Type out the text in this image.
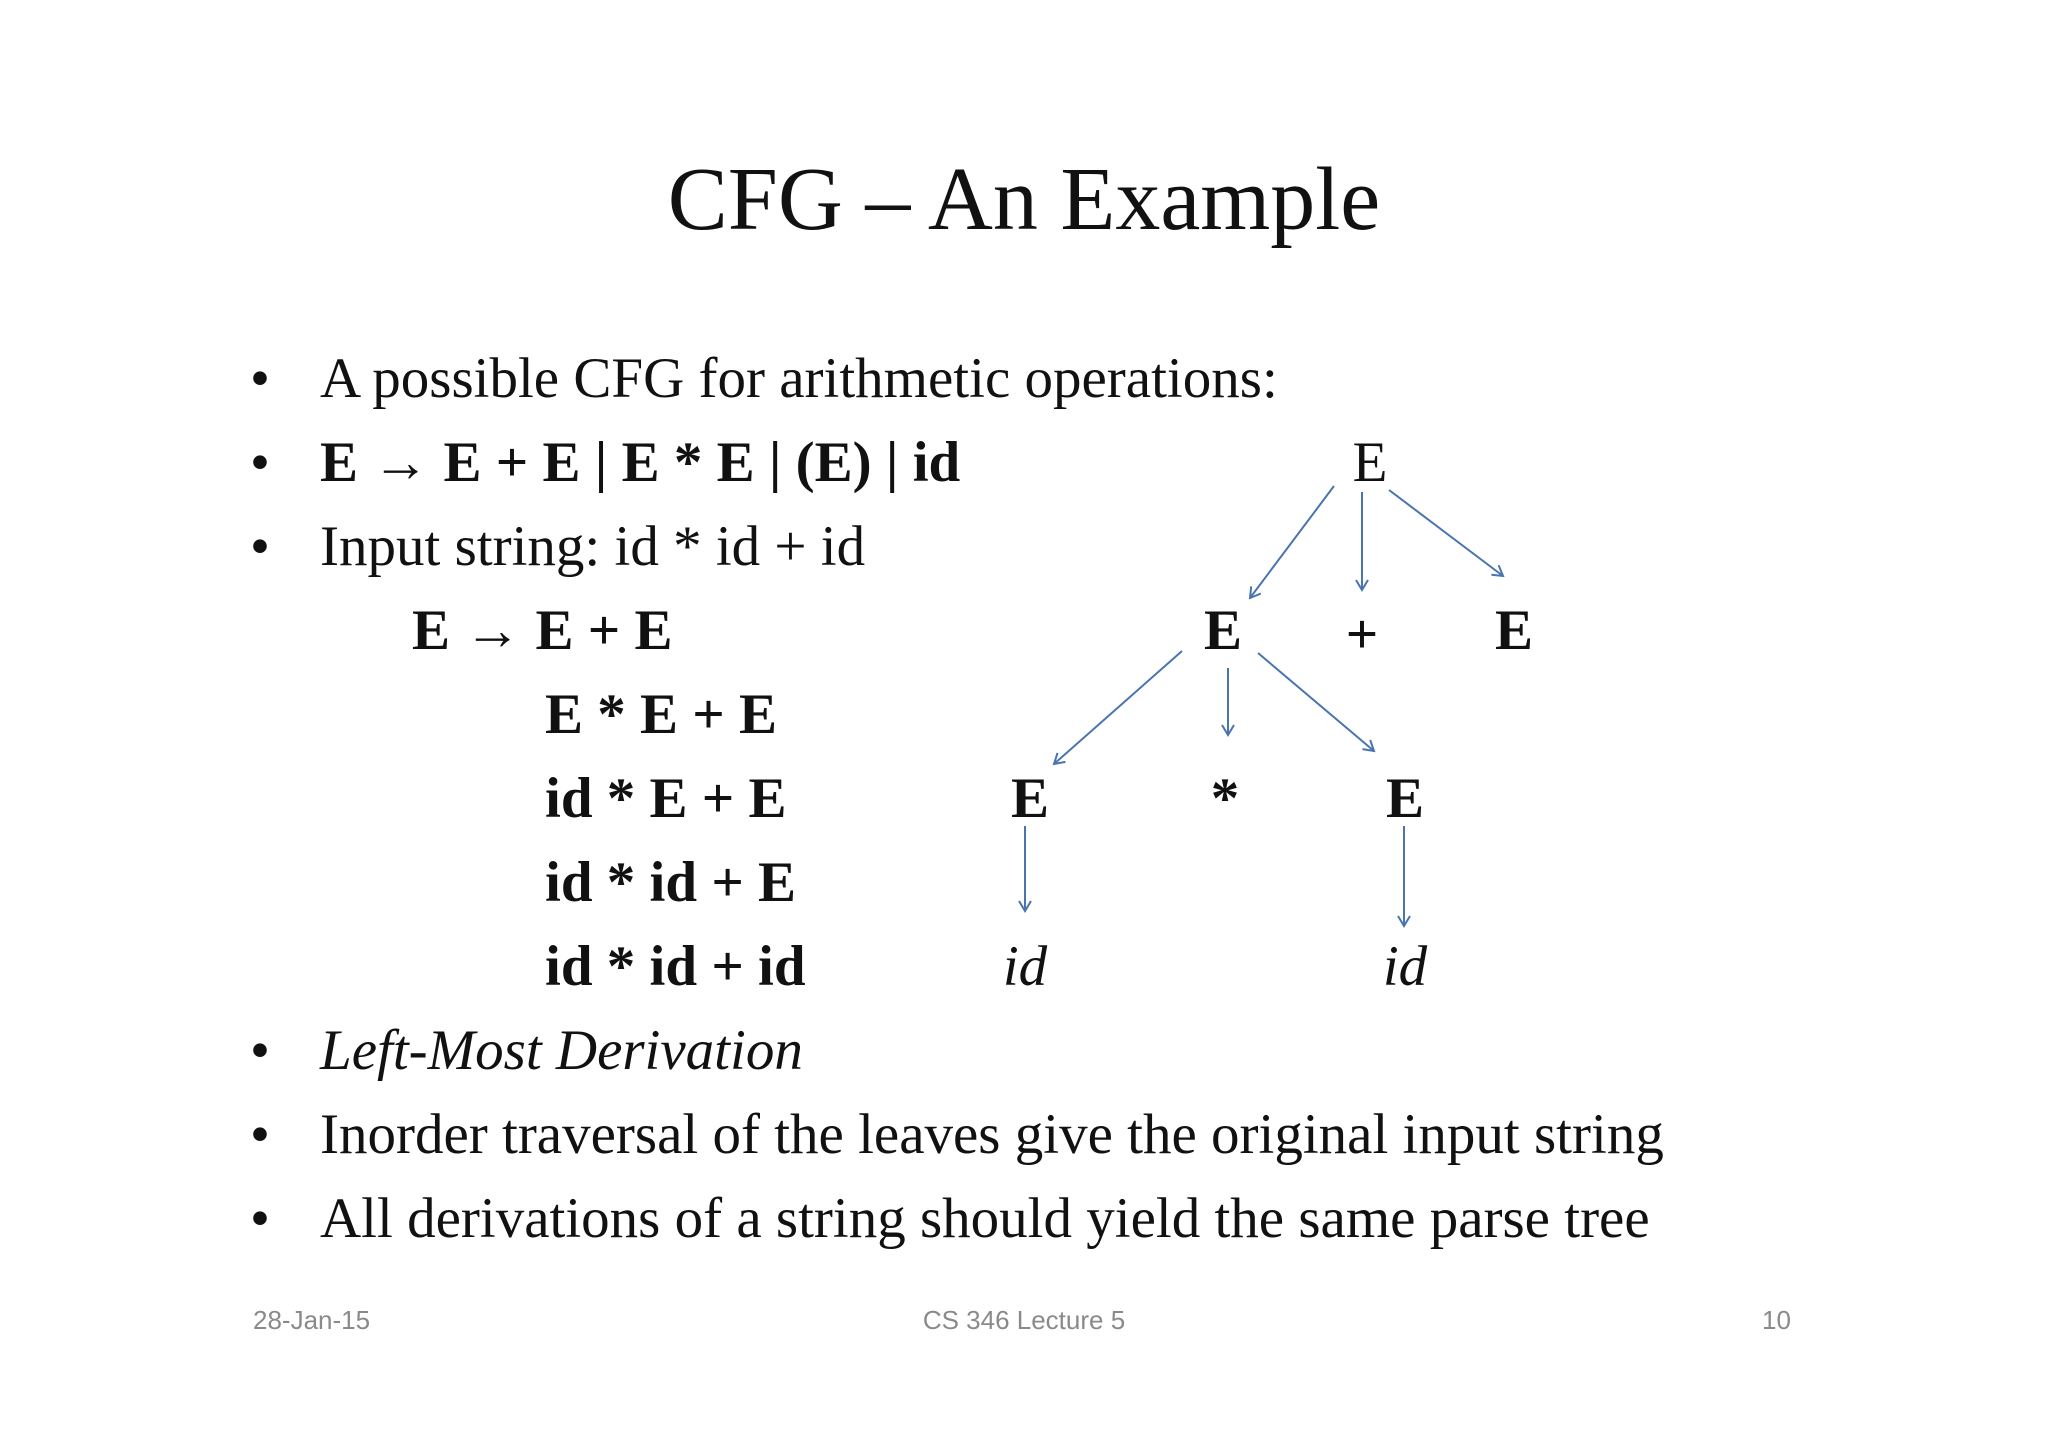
CFG – An Example
• A possible CFG for arithmetic operations:
• E → E + E | E * E | (E) | id
• Input string: id * id + id
E → E + E
E * E + E
id * E + E
id * id + E
id * id + id
E
E + E
E	*	E
id	id
• Left-Most Derivation
• Inorder traversal of the leaves give the original input string
• All derivations of a string should yield the same parse tree
28-Jan-15	CS 346 Lecture 5	10
